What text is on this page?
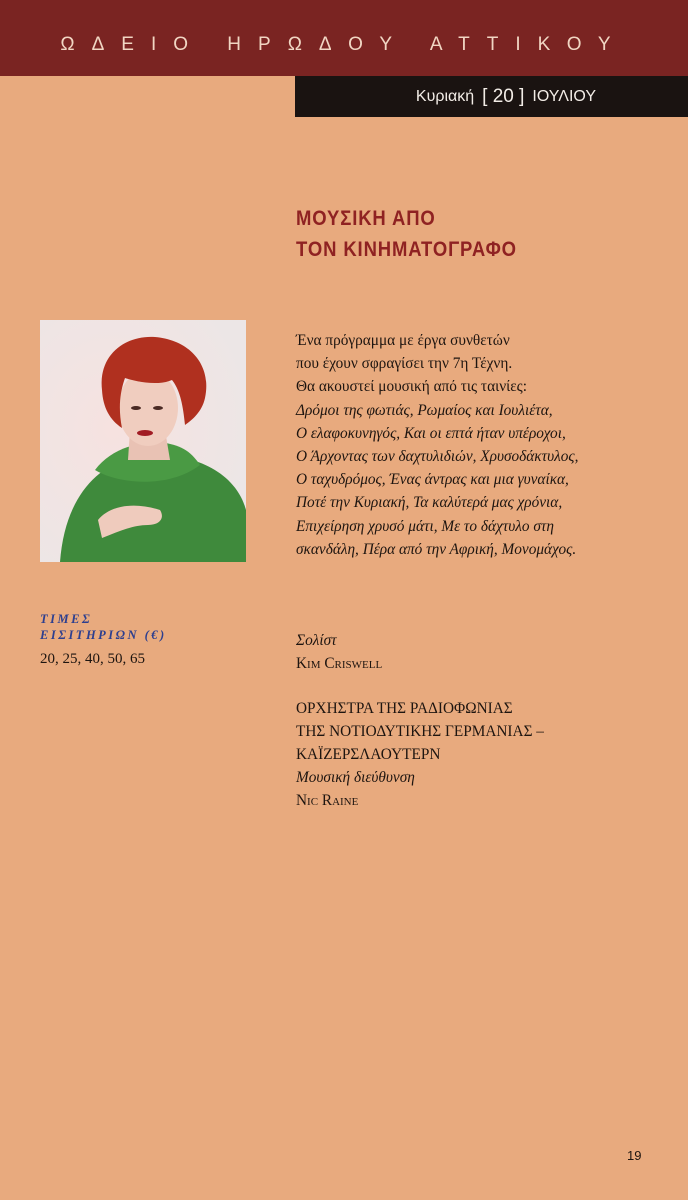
ΩΔΕΙΟ ΗΡΩΔΟΥ ΑΤΤΙΚΟΥ
Κυριακή [ 20 ] ΙΟΥΛΙΟΥ
ΜΟΥΣΙΚΗ ΑΠΟ
ΤΟΝ ΚΙΝΗΜΑΤΟΓΡΑΦΟ
Ένα πρόγραμμα με έργα συνθετών
που έχουν σφραγίσει την 7η Τέχνη.
Θα ακουστεί μουσική από τις ταινίες:
Δρόμοι της φωτιάς, Ρωμαίος και Ιουλιέτα,
Ο ελαφοκυνηγός, Και οι επτά ήταν υπέροχοι,
Ο Άρχοντας των δαχτυλιδιών, Χρυσοδάκτυλος,
Ο ταχυδρόμος, Ένας άντρας και μια γυναίκα,
Ποτέ την Κυριακή, Τα καλύτερά μας χρόνια,
Επιχείρηση χρυσό μάτι, Με το δάχτυλο στη
σκανδάλη, Πέρα από την Αφρική, Μονομάχος.
ΤΙΜΕΣ
ΕΙΣΙΤΗΡΙΩΝ (€)
20, 25, 40, 50, 65
Σολίστ
Kim Criswell
ΟΡΧΗΣΤΡΑ ΤΗΣ ΡΑΔΙΟΦΩΝΙΑΣ
ΤΗΣ ΝΟΤΙΟΔΥΤΙΚΗΣ ΓΕΡΜΑΝΙΑΣ –
ΚΑΪΖΕΡΣΛΑΟΥΤΕΡΝ
Μουσική διεύθυνση
Nic Raine
19
